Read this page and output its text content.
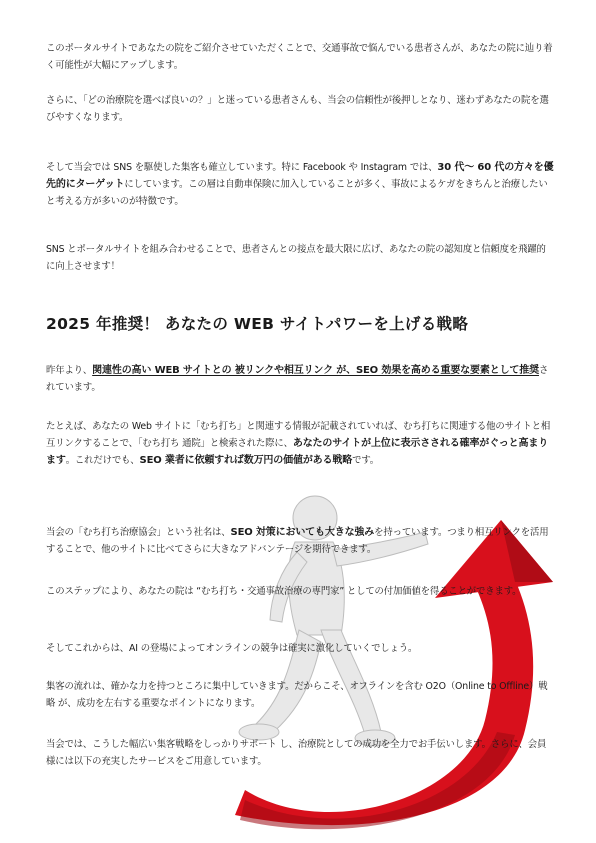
このポータルサイトであなたの院をご紹介させていただくことで、交通事故で悩んでいる患者さんが、あなたの院に辿り着く可能性が大幅にアップします。

さらに、「どの治療院を選べば良いの？」と迷っている患者さんも、当会の信頼性が後押しとなり、迷わずあなたの院を選びやすくなります。

そして当会では SNS を駆使した集客も確立しています。特に Facebook や Instagram では、30 代〜 60 代の方々を優先的にターゲットにしています。この層は自動車保険に加入していることが多く、事故によるケガをきちんと治療したいと考える方が多いのが特徴です。

SNS とポータルサイトを組み合わせることで、患者さんとの接点を最大限に広げ、あなたの院の認知度と信頼度を飛躍的に向上させます！

2025 年推奨！ あなたの WEB サイトパワーを上げる戦略

昨年より、関連性の高い WEB サイトとの 被リンクや相互リンク が、SEO 効果を高める重要な要素として推奨されています。

たとえば、あなたの Web サイトに「むち打ち」と関連する情報が記載されていれば、むち打ちに関連する他のサイトと相互リンクすることで、「むち打ち 通院」と検索された際に、あなたのサイトが上位に表示さされる確率がぐっと高まります。これだけでも、SEO 業者に依頼すれば数万円の価値がある戦略です。

当会の「むち打ち治療協会」という社名は、SEO 対策においても大きな強みを持っています。つまり相互リンクを活用することで、他のサイトに比べてさらに大きなアドバンテージを期待できます。

このステップにより、あなたの院は “むち打ち・交通事故治療の専門家” としての付加価値を得ることができます。

そしてこれからは、AI の登場によってオンラインの競争は確実に激化していくでしょう。

集客の流れは、確かな力を持つところに集中していきます。だからこそ、オフラインを含む O2O（Online to Offline）戦略 が、成功を左右する重要なポイントになります。

当会では、こうした幅広い集客戦略をしっかりサポート し、治療院としての成功を全力でお手伝いします。さらに、会員様には以下の充実したサービスをご用意しています。
